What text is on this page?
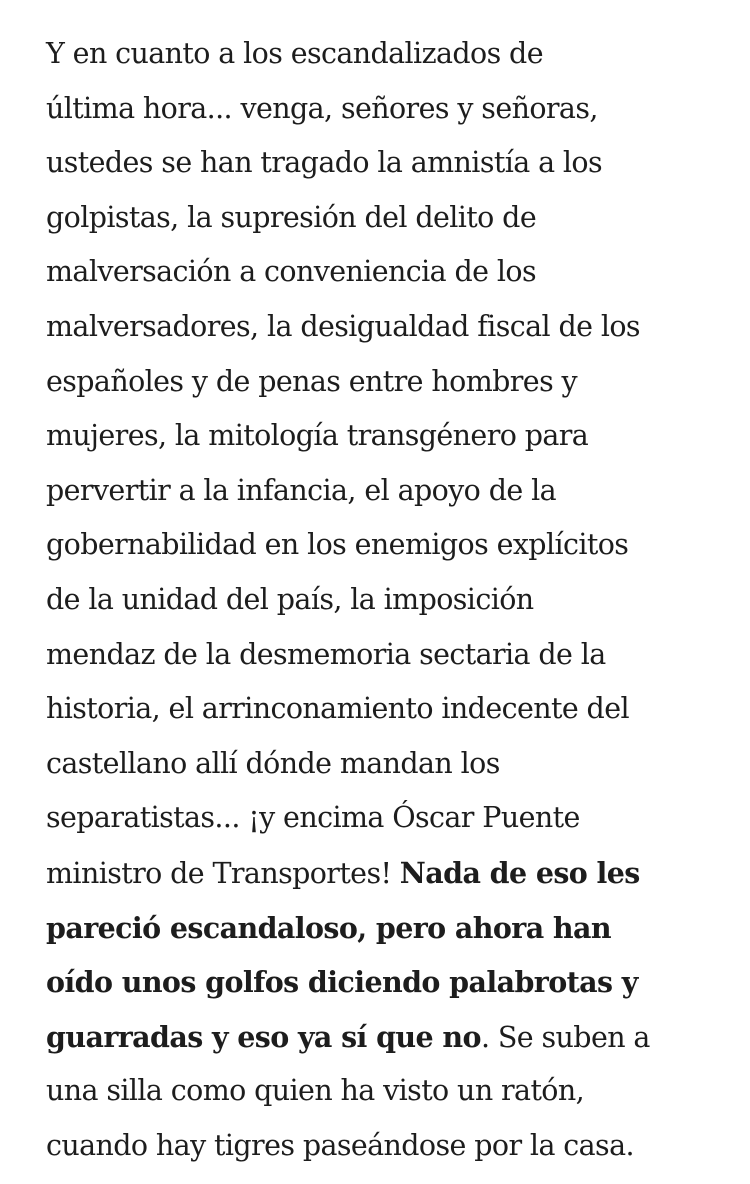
Y en cuanto a los escandalizados de
última hora... venga, señores y señoras,
ustedes se han tragado la amnistía a los
golpistas, la supresión del delito de
malversación a conveniencia de los
malversadores, la desigualdad fiscal de los
españoles y de penas entre hombres y
mujeres, la mitología transgénero para
pervertir a la infancia, el apoyo de la
gobernabilidad en los enemigos explícitos
de la unidad del país, la imposición
mendaz de la desmemoria sectaria de la
historia, el arrinconamiento indecente del
castellano allí dónde mandan los
separatistas... ¡y encima Óscar Puente
ministro de Transportes! Nada de eso les
pareció escandaloso, pero ahora han
oído unos golfos diciendo palabrotas y
guarradas y eso ya sí que no. Se suben a
una silla como quien ha visto un ratón,
cuando hay tigres paseándose por la casa.
